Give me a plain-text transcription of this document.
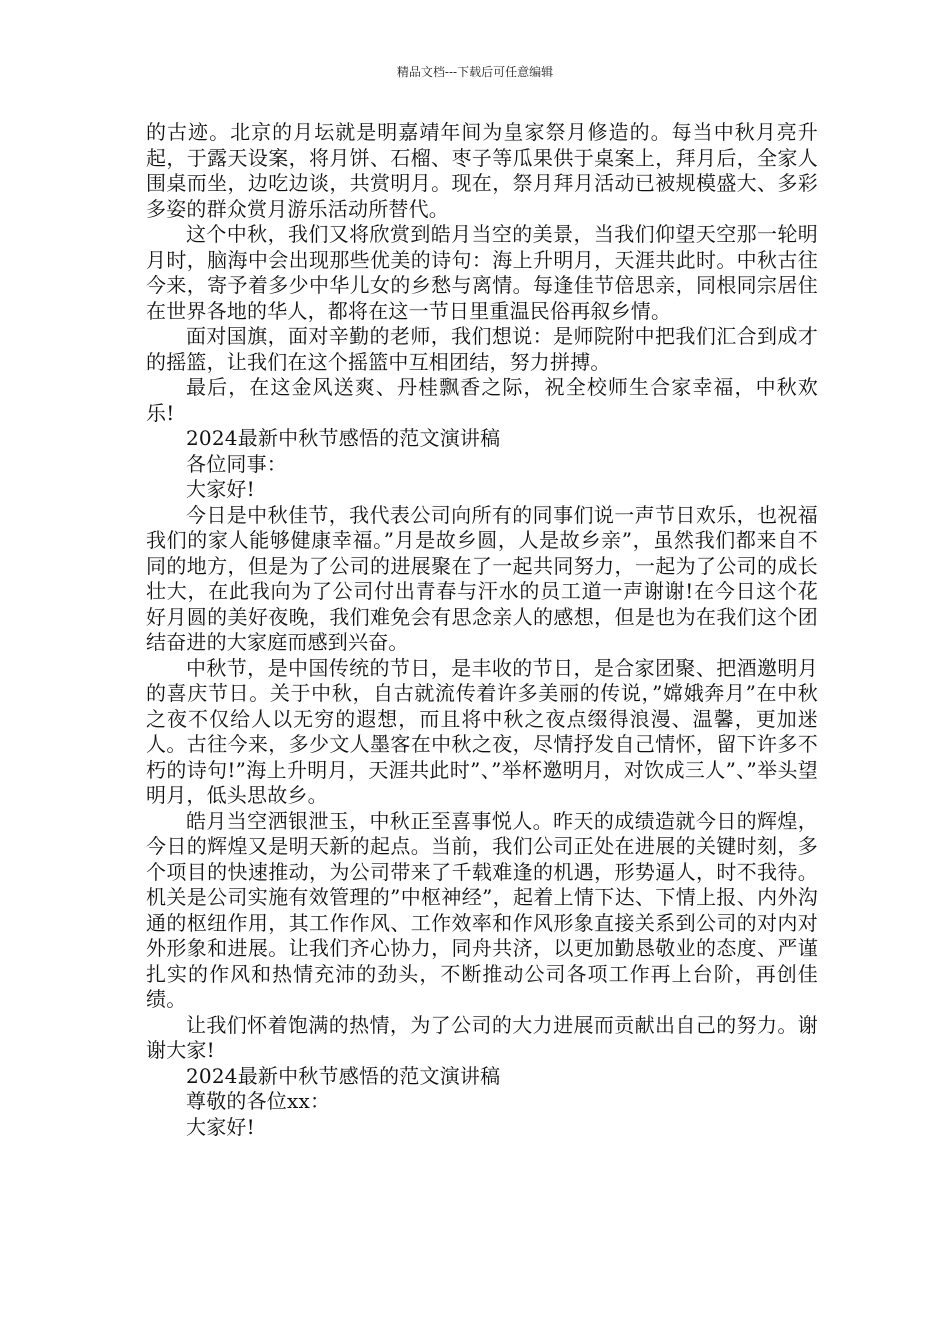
精品文档---下载后可任意编辑

的古迹。北京的月坛就是明嘉靖年间为皇家祭月修造的。每当中秋月亮升起，于露天设案，将月饼、石榴、枣子等瓜果供于桌案上，拜月后，全家人围桌而坐，边吃边谈，共赏明月。现在，祭月拜月活动已被规模盛大、多彩多姿的群众赏月游乐活动所替代。

这个中秋，我们又将欣赏到皓月当空的美景，当我们仰望天空那一轮明月时，脑海中会出现那些优美的诗句：海上升明月，天涯共此时。中秋古往今来，寄予着多少中华儿女的乡愁与离情。每逢佳节倍思亲，同根同宗居住在世界各地的华人，都将在这一节日里重温民俗再叙乡情。

面对国旗，面对辛勤的老师，我们想说：是师院附中把我们汇合到成才的摇篮，让我们在这个摇篮中互相团结，努力拼搏。

最后，在这金风送爽、丹桂飘香之际，祝全校师生合家幸福，中秋欢乐!

2024最新中秋节感悟的范文演讲稿

各位同事：

大家好!

今日是中秋佳节，我代表公司向所有的同事们说一声节日欢乐，也祝福我们的家人能够健康幸福。”月是故乡圆，人是故乡亲”，虽然我们都来自不同的地方，但是为了公司的进展聚在了一起共同努力，一起为了公司的成长壮大，在此我向为了公司付出青春与汗水的员工道一声谢谢!在今日这个花好月圆的美好夜晚，我们难免会有思念亲人的感想，但是也为在我们这个团结奋进的大家庭而感到兴奋。

中秋节，是中国传统的节日，是丰收的节日，是合家团聚、把酒邀明月的喜庆节日。关于中秋，自古就流传着许多美丽的传说，”嫦娥奔月”在中秋之夜不仅给人以无穷的遐想，而且将中秋之夜点缀得浪漫、温馨，更加迷人。古往今来，多少文人墨客在中秋之夜，尽情抒发自己情怀，留下许多不朽的诗句!”海上升明月，天涯共此时”、”举杯邀明月，对饮成三人”、”举头望明月，低头思故乡。

皓月当空洒银泄玉，中秋正至喜事悦人。昨天的成绩造就今日的辉煌，今日的辉煌又是明天新的起点。当前，我们公司正处在进展的关键时刻，多个项目的快速推动，为公司带来了千载难逢的机遇，形势逼人，时不我待。机关是公司实施有效管理的”中枢神经”，起着上情下达、下情上报、内外沟通的枢纽作用，其工作作风、工作效率和作风形象直接关系到公司的对内对外形象和进展。让我们齐心协力，同舟共济，以更加勤恳敬业的态度、严谨扎实的作风和热情充沛的劲头，不断推动公司各项工作再上台阶，再创佳绩。

让我们怀着饱满的热情，为了公司的大力进展而贡献出自己的努力。谢谢大家!

2024最新中秋节感悟的范文演讲稿

尊敬的各位xx：

大家好!
